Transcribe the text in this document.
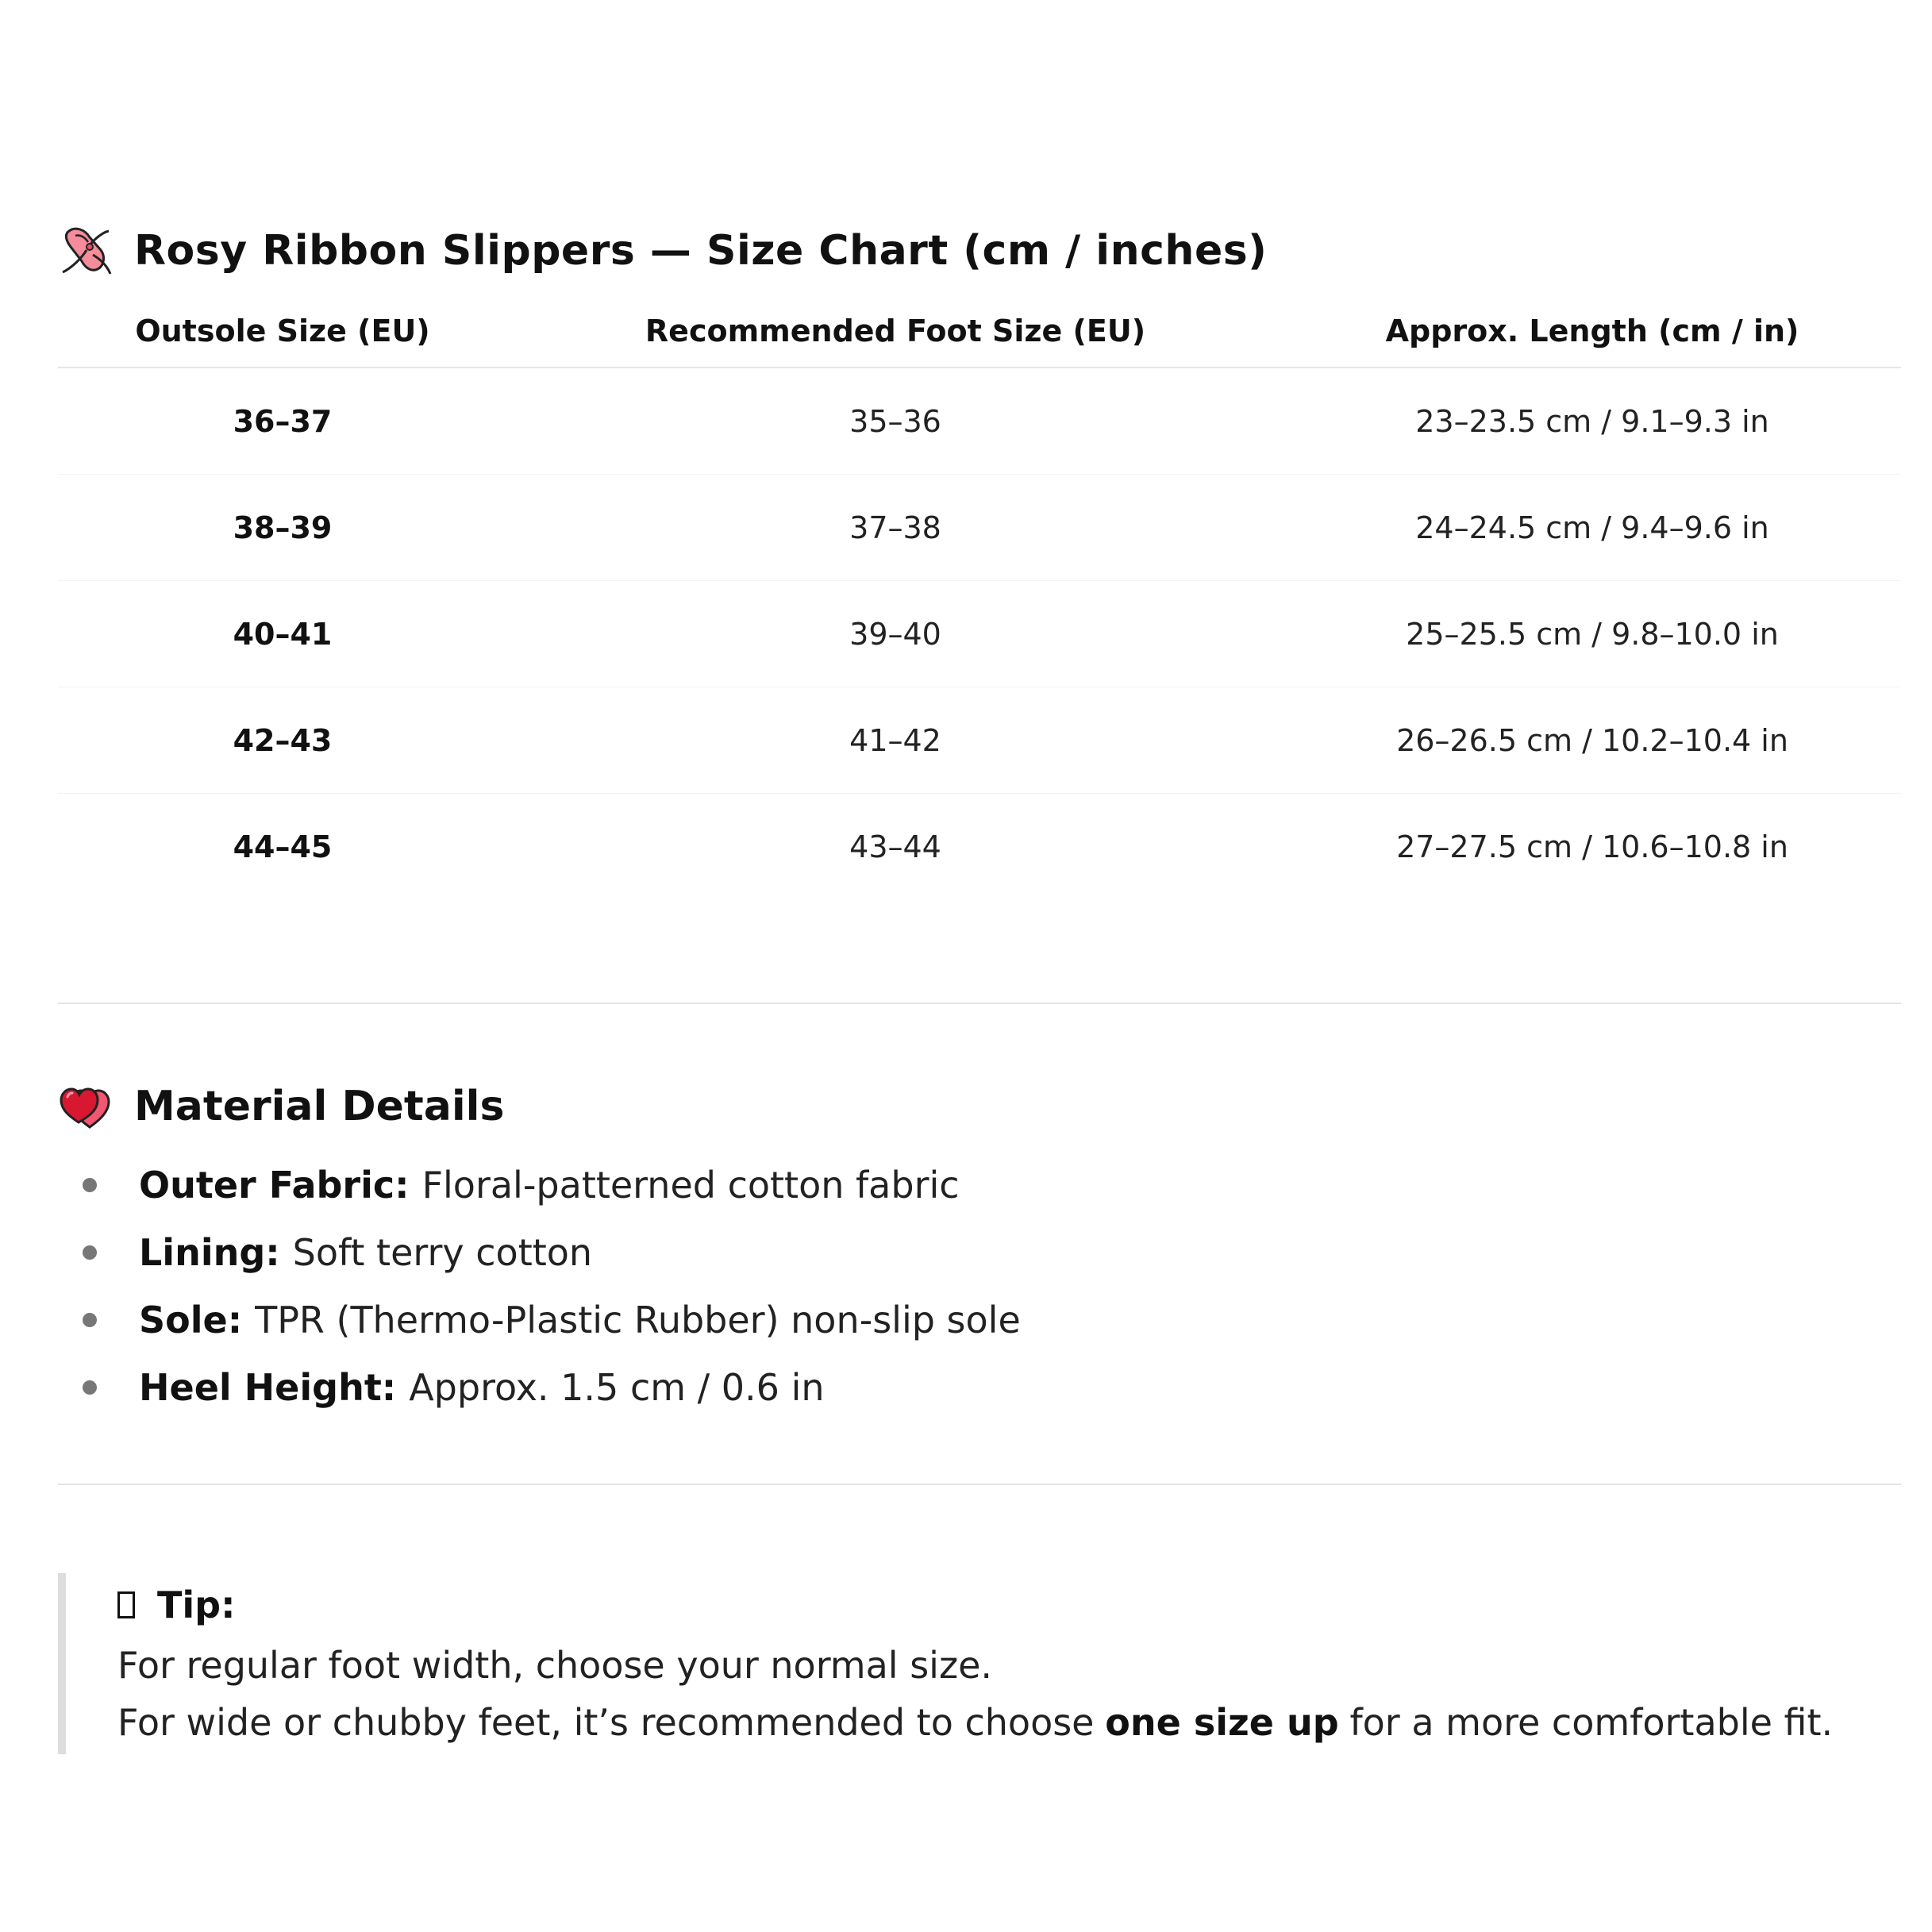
Rosy Ribbon Slippers — Size Chart (cm / inches)
Outsole Size (EU)	Recommended Foot Size (EU)	Approx. Length (cm / in)
36–37	35–36	23–23.5 cm / 9.1–9.3 in
38–39	37–38	24–24.5 cm / 9.4–9.6 in
40–41	39–40	25–25.5 cm / 9.8–10.0 in
42–43	41–42	26–26.5 cm / 10.2–10.4 in
44–45	43–44	27–27.5 cm / 10.6–10.8 in
Material Details
Outer Fabric: Floral-patterned cotton fabric
Lining: Soft terry cotton
Sole: TPR (Thermo-Plastic Rubber) non-slip sole
Heel Height: Approx. 1.5 cm / 0.6 in
Tip:
For regular foot width, choose your normal size.
For wide or chubby feet, it’s recommended to choose one size up for a more comfortable fit.
